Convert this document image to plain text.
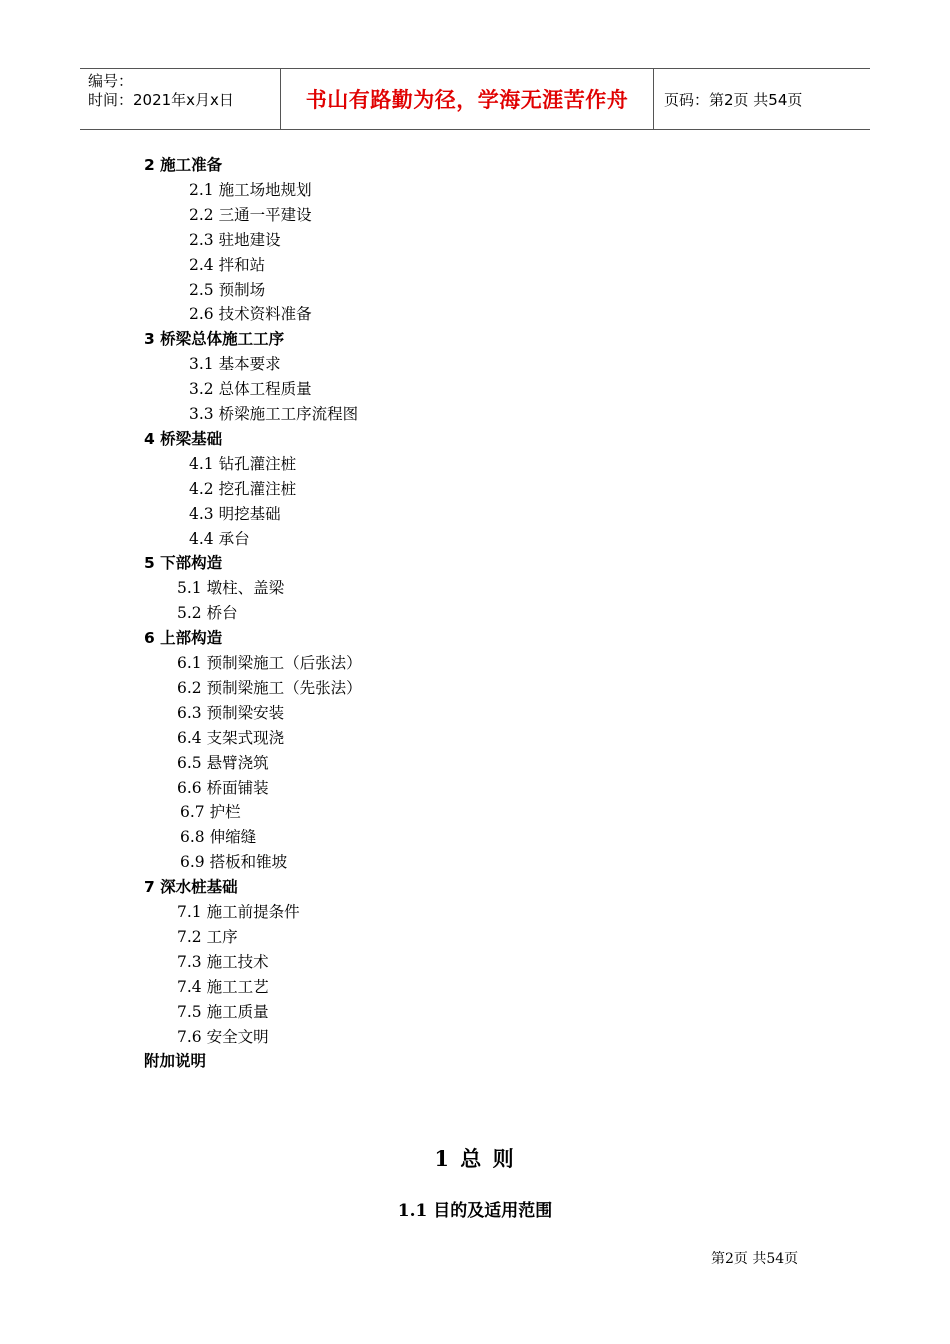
编号：
时间：2021年x月x日	书山有路勤为径，学海无涯苦作舟 页码：第2页 共54页
2 施工准备
2.1 施工场地规划
2.2 三通一平建设
2.3 驻地建设
2.4 拌和站
2.5 预制场
2.6 技术资料准备
3 桥梁总体施工工序
3.1 基本要求
3.2 总体工程质量
3.3 桥梁施工工序流程图
4 桥梁基础
4.1 钻孔灌注桩
4.2 挖孔灌注桩
4.3 明挖基础
4.4 承台
5 下部构造
5.1 墩柱、盖梁
5.2 桥台
6 上部构造
6.1 预制梁施工（后张法）
6.2 预制梁施工（先张法）
6.3 预制梁安装
6.4 支架式现浇
6.5 悬臂浇筑
6.6 桥面铺装
6.7 护栏
6.8 伸缩缝
6.9 搭板和锥坡
7 深水桩基础
7.1 施工前提条件
7.2 工序
7.3 施工技术
7.4 施工工艺
7.5 施工质量
7.6 安全文明
附加说明
1 总 则
1.1 目的及适用范围
第2页 共54页
